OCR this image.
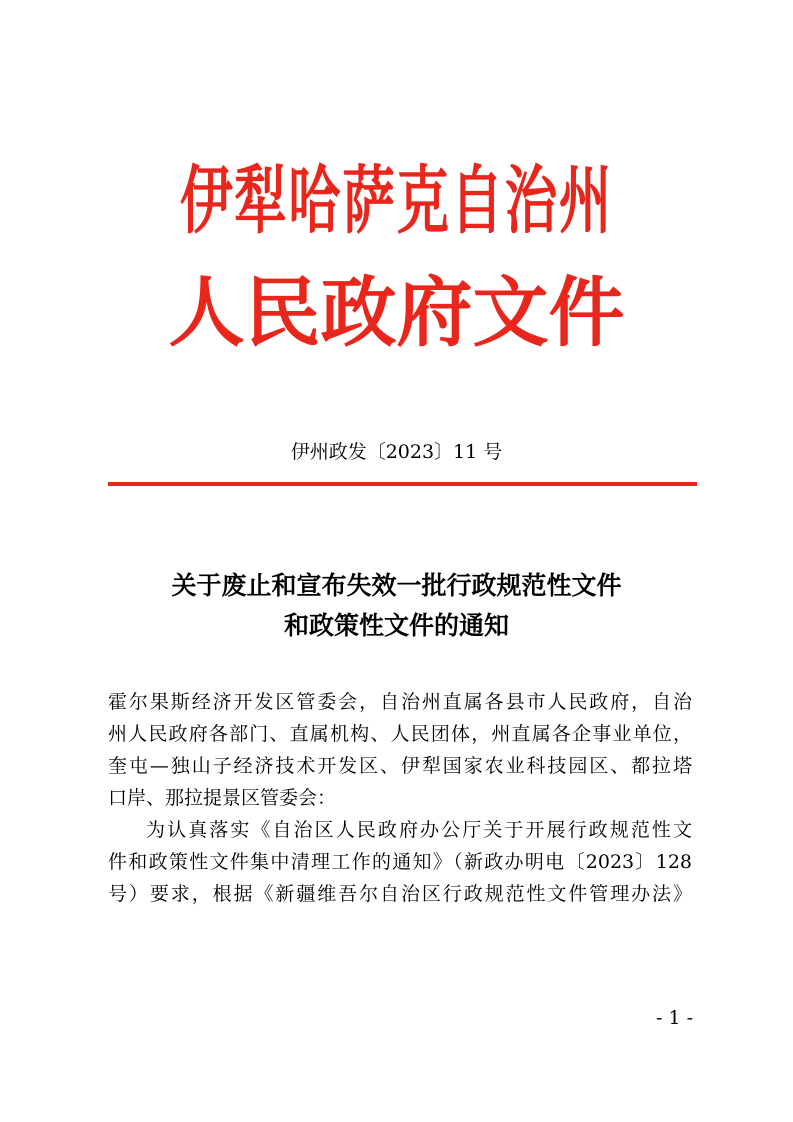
伊犁哈萨克自治州
人民政府文件
伊州政发〔2023〕11 号
关于废止和宣布失效一批行政规范性文件
和政策性文件的通知
霍尔果斯经济开发区管委会，自治州直属各县市人民政府，自治
州人民政府各部门、直属机构、人民团体，州直属各企事业单位，
奎屯—独山子经济技术开发区、伊犁国家农业科技园区、都拉塔
口岸、那拉提景区管委会：
为认真落实《自治区人民政府办公厅关于开展行政规范性文
件和政策性文件集中清理工作的通知》（新政办明电〔2023〕128
号）要求，根据《新疆维吾尔自治区行政规范性文件管理办法》
- 1 -
